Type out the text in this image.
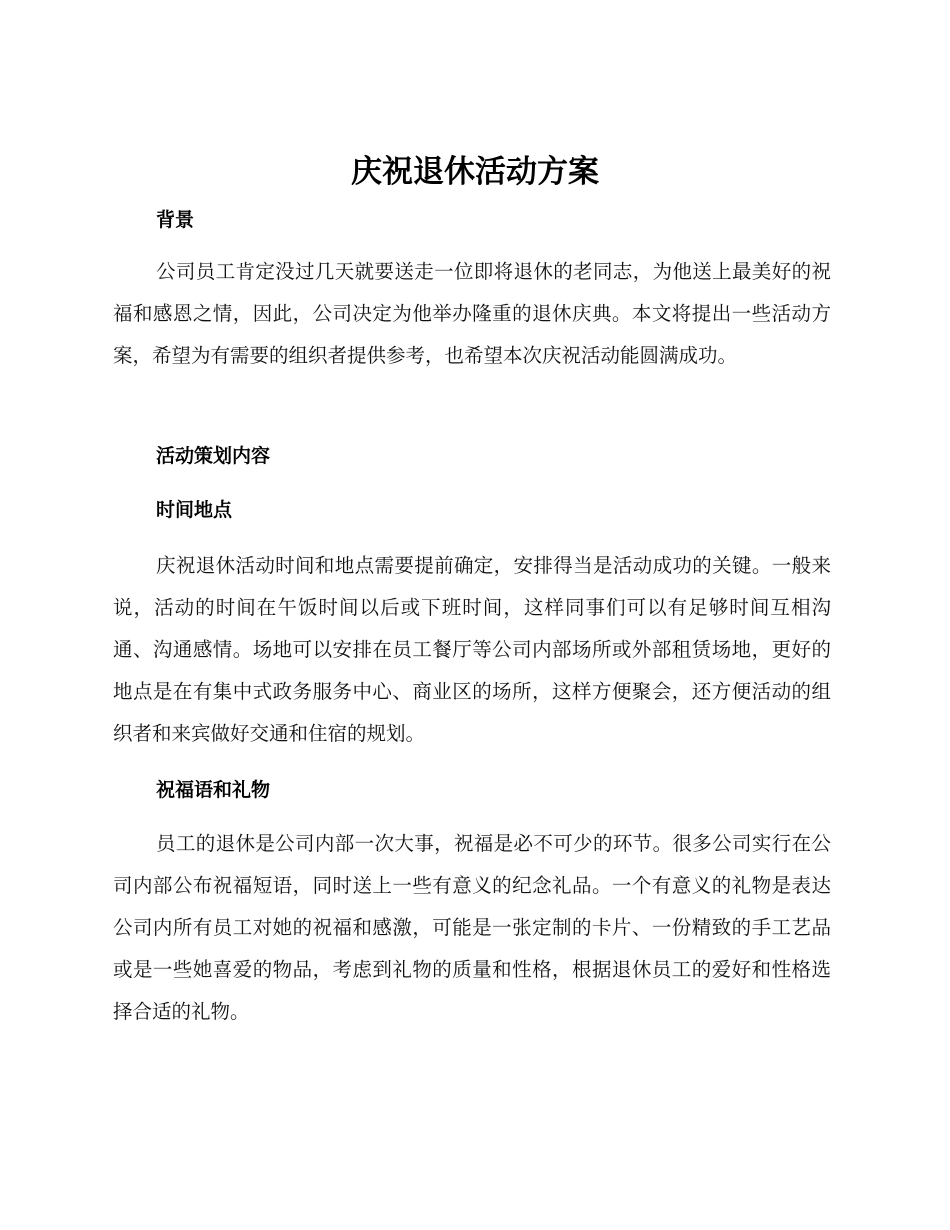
庆祝退休活动方案
背景

公司员工肯定没过几天就要送走一位即将退休的老同志，为他送上最美好的祝福和感恩之情，因此，公司决定为他举办隆重的退休庆典。本文将提出一些活动方案，希望为有需要的组织者提供参考，也希望本次庆祝活动能圆满成功。

活动策划内容
时间地点

庆祝退休活动时间和地点需要提前确定，安排得当是活动成功的关键。一般来说，活动的时间在午饭时间以后或下班时间，这样同事们可以有足够时间互相沟通、沟通感情。场地可以安排在员工餐厅等公司内部场所或外部租赁场地，更好的地点是在有集中式政务服务中心、商业区的场所，这样方便聚会，还方便活动的组织者和来宾做好交通和住宿的规划。

祝福语和礼物

员工的退休是公司内部一次大事，祝福是必不可少的环节。很多公司实行在公司内部公布祝福短语，同时送上一些有意义的纪念礼品。一个有意义的礼物是表达公司内所有员工对她的祝福和感激，可能是一张定制的卡片、一份精致的手工艺品或是一些她喜爱的物品，考虑到礼物的质量和性格，根据退休员工的爱好和性格选择合适的礼物。
